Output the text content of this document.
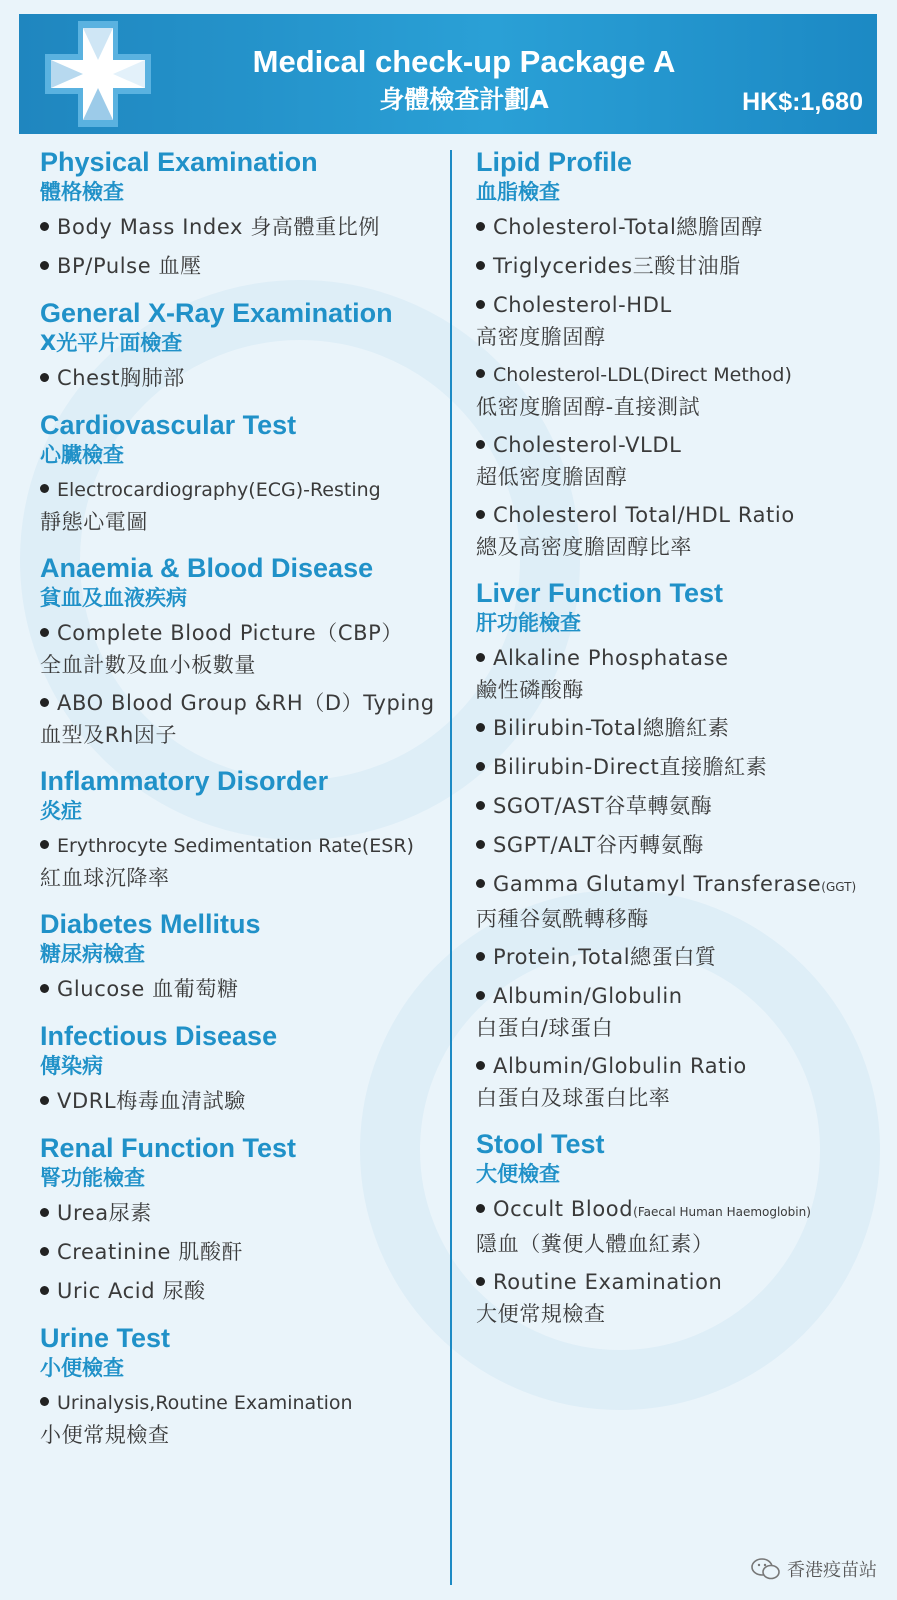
Medical check-up Package A
身體檢查計劃A	HK$:1,680
Physical Examination
體格檢查
Body Mass Index 身高體重比例
BP/Pulse 血壓
General X-Ray Examination
X光平片面檢查
Chest胸肺部
Cardiovascular Test
心臟檢查
Electrocardiography(ECG)-Resting
靜態心電圖
Anaemia & Blood Disease
貧血及血液疾病
Complete Blood Picture（CBP）
全血計數及血小板數量
ABO Blood Group &RH（D）Typing
血型及Rh因子
Inflammatory Disorder
炎症
Erythrocyte Sedimentation Rate(ESR)
紅血球沉降率
Diabetes Mellitus
糖尿病檢查
Glucose 血葡萄糖
Infectious Disease
傳染病
VDRL梅毒血清試驗
Renal Function Test
腎功能檢查
Urea尿素
Creatinine 肌酸酐
Uric Acid 尿酸
Urine Test
小便檢查
Urinalysis,Routine Examination
小便常規檢查
Lipid Profile
血脂檢查
Cholesterol-Total總膽固醇
Triglycerides三酸甘油脂
Cholesterol-HDL
高密度膽固醇
Cholesterol-LDL(Direct Method)
低密度膽固醇-直接測試
Cholesterol-VLDL
超低密度膽固醇
Cholesterol Total/HDL Ratio
總及高密度膽固醇比率
Liver Function Test
肝功能檢查
Alkaline Phosphatase
鹼性磷酸酶
Bilirubin-Total總膽紅素
Bilirubin-Direct直接膽紅素
SGOT/AST谷草轉氨酶
SGPT/ALT谷丙轉氨酶
Gamma Glutamyl Transferase(GGT)
丙種谷氨酰轉移酶
Protein,Total總蛋白質
Albumin/Globulin
白蛋白/球蛋白
Albumin/Globulin Ratio
白蛋白及球蛋白比率
Stool Test
大便檢查
Occult Blood(Faecal Human Haemoglobin)
隱血（糞便人體血紅素）
Routine Examination
大便常規檢查
香港疫苗站
